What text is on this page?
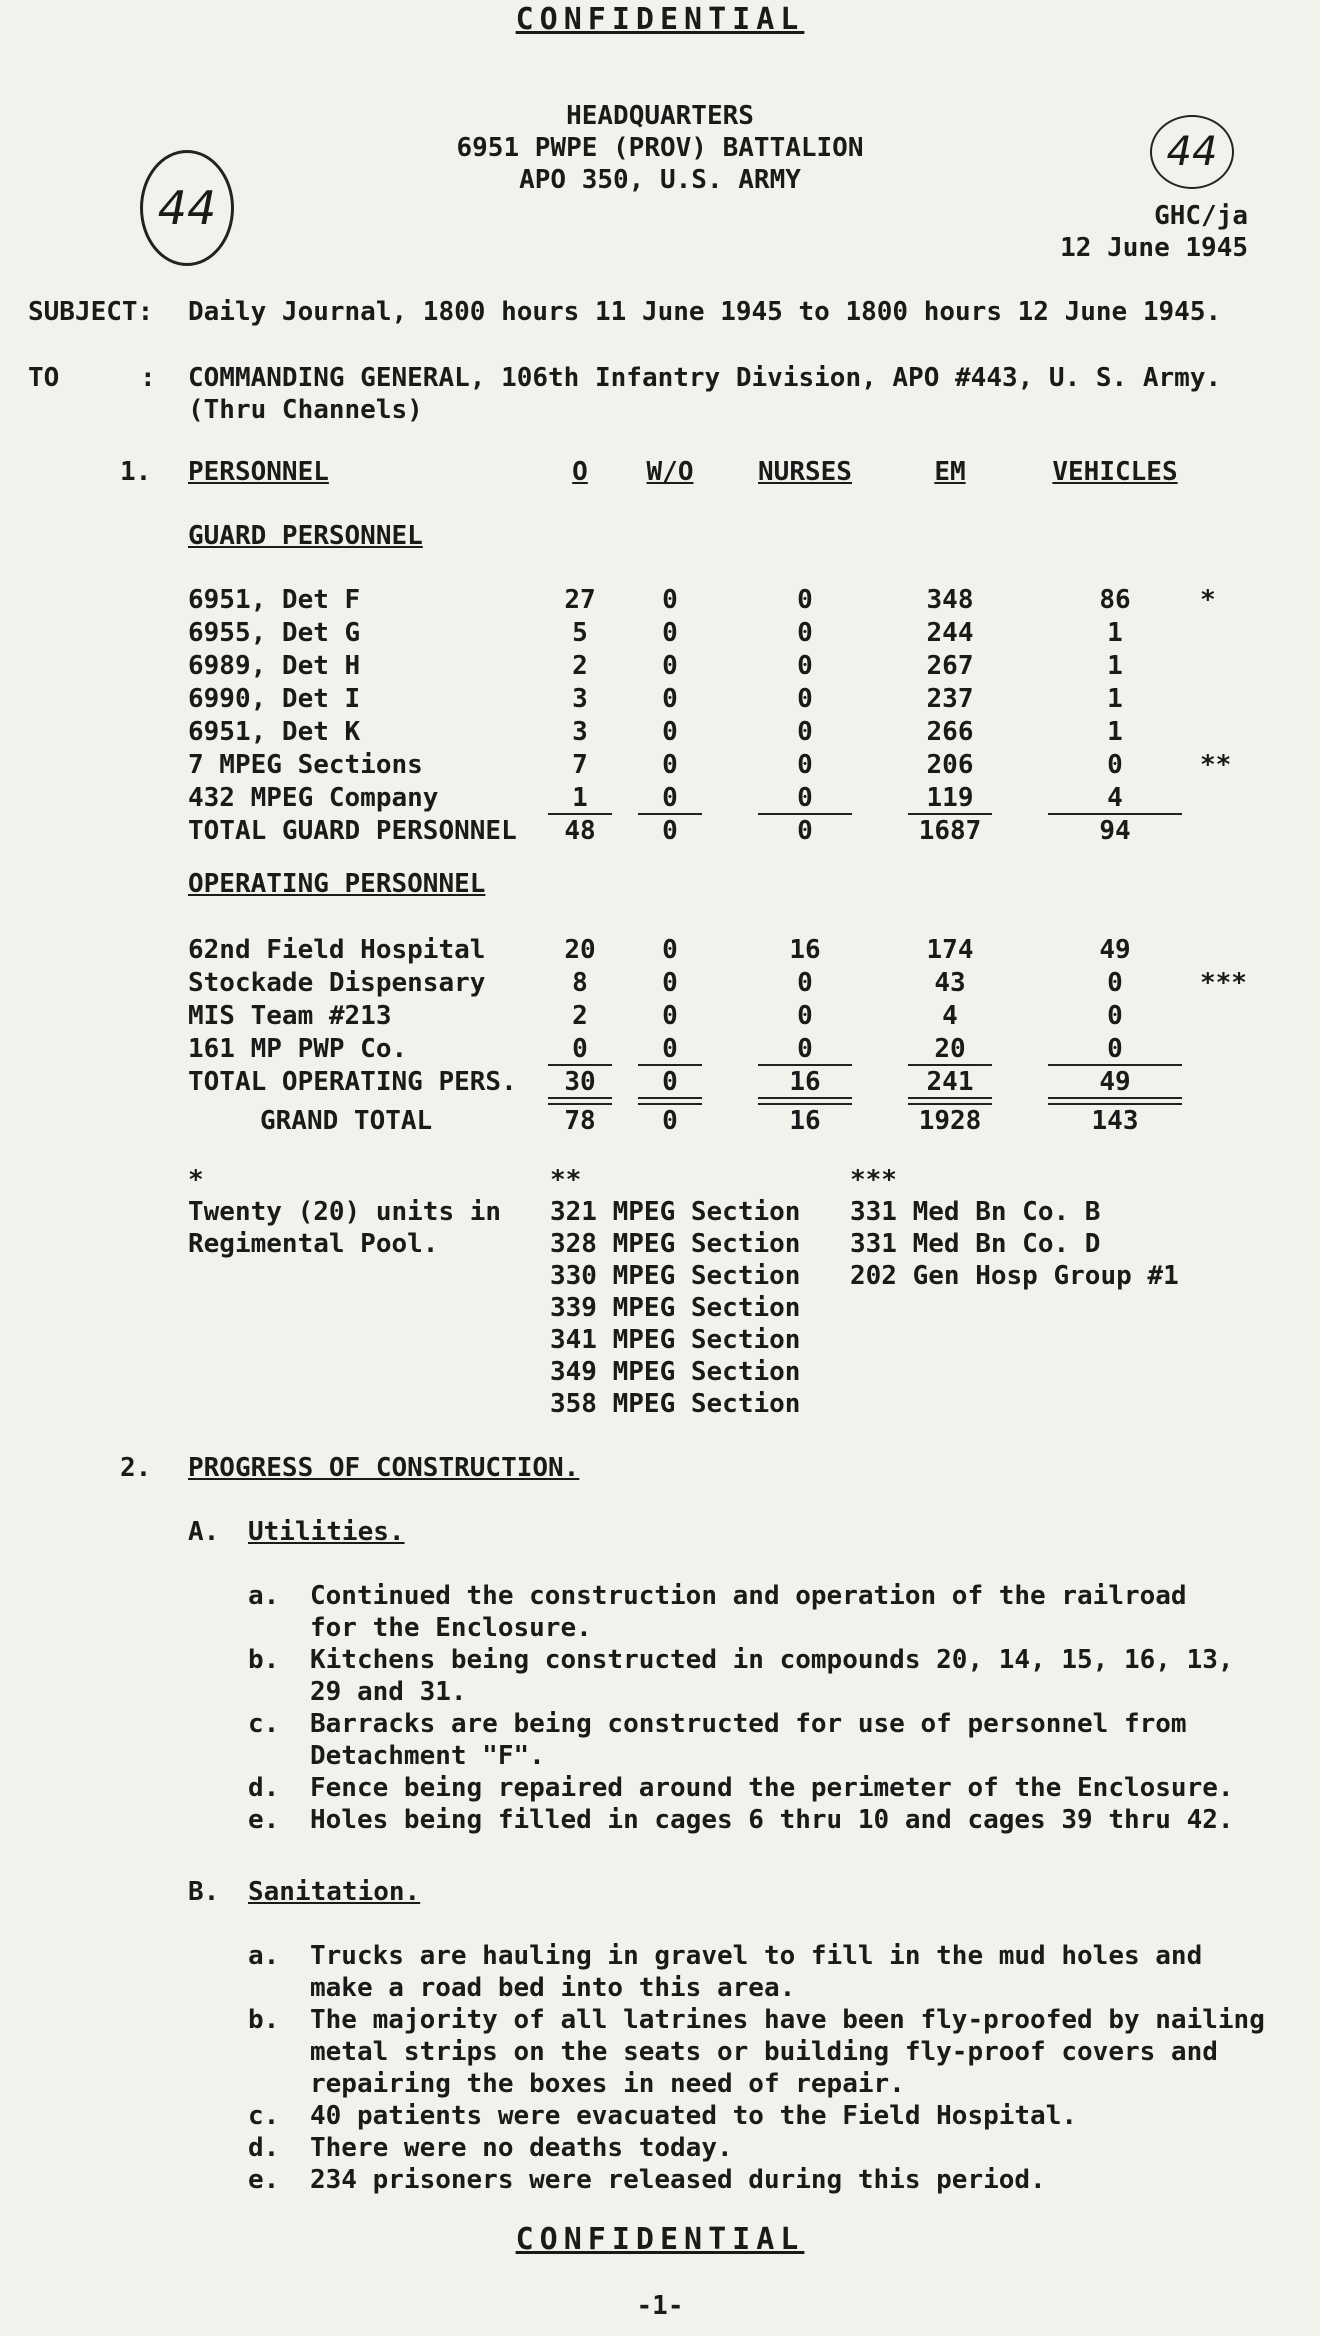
CONFIDENTIAL
44
44
HEADQUARTERS
6951 PWPE (PROV) BATTALION
APO 350, U.S. ARMY
GHC/ja
12 June 1945
SUBJECT: Daily Journal, 1800 hours 11 June 1945 to 1800 hours 12 June 1945.
TO	: COMMANDING GENERAL, 106th Infantry Division, APO #443, U. S. Army.
(Thru Channels)
1. PERSONNEL	O	W/O	NURSES	EM	VEHICLES
GUARD PERSONNEL
6951, Det F	27	0	0	348	86	*
6955, Det G	5	0	0	244	1
6989, Det H	2	0	0	267	1
6990, Det I	3	0	0	237	1
6951, Det K	3	0	0	266	1
7 MPEG Sections	7	0	0	206	0	**
432 MPEG Company	1	0	0	119	4
TOTAL GUARD PERSONNEL	48	0	0	1687	94
OPERATING PERSONNEL
62nd Field Hospital	20	0	16	174	49
Stockade Dispensary	8	0	0	43	0	***
MIS Team #213	2	0	0	4	0
161 MP PWP Co.	0	0	0	20	0
TOTAL OPERATING PERS.	30	0	16	241	49
GRAND TOTAL	78	0	16	1928	143
*
Twenty (20) units in
Regimental Pool.
**
321 MPEG Section
328 MPEG Section
330 MPEG Section
339 MPEG Section
341 MPEG Section
349 MPEG Section
358 MPEG Section
***
331 Med Bn Co. B
331 Med Bn Co. D
202 Gen Hosp Group #1
2. PROGRESS OF CONSTRUCTION.
A. Utilities.
a. Continued the construction and operation of the railroad
for the Enclosure.
b. Kitchens being constructed in compounds 20, 14, 15, 16, 13,
29 and 31.
c. Barracks are being constructed for use of personnel from
Detachment "F".
d. Fence being repaired around the perimeter of the Enclosure.
e. Holes being filled in cages 6 thru 10 and cages 39 thru 42.
B. Sanitation.
a. Trucks are hauling in gravel to fill in the mud holes and
make a road bed into this area.
b. The majority of all latrines have been fly-proofed by nailing
metal strips on the seats or building fly-proof covers and
repairing the boxes in need of repair.
c. 40 patients were evacuated to the Field Hospital.
d. There were no deaths today.
e. 234 prisoners were released during this period.
CONFIDENTIAL
-1-
